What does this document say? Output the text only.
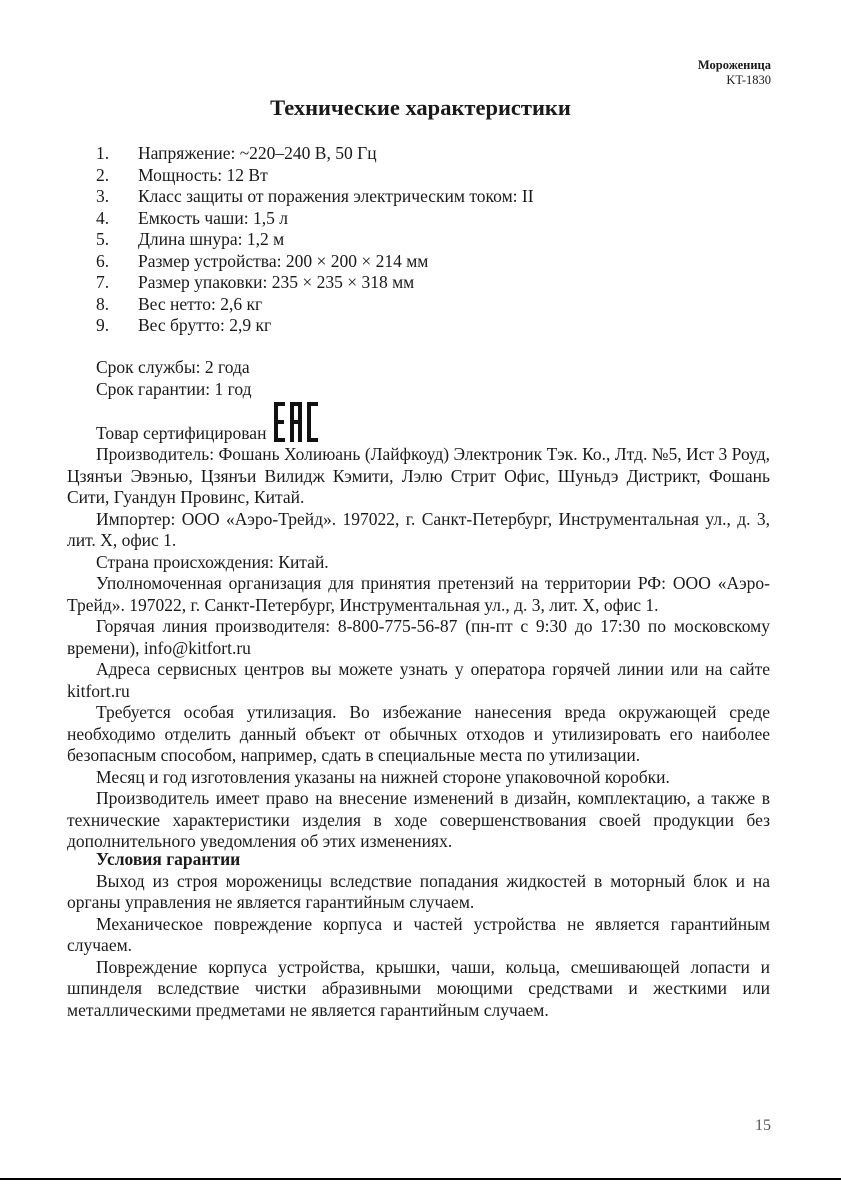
Мороженица
KT-1830
Технические характеристики
1.	Напряжение: ~220–240 В, 50 Гц
2.	Мощность: 12 Вт
3.	Класс защиты от поражения электрическим током: II
4.	Емкость чаши: 1,5 л
5.	Длина шнура: 1,2 м
6.	Размер устройства: 200 × 200 × 214 мм
7.	Размер упаковки: 235 × 235 × 318 мм
8.	Вес нетто: 2,6 кг
9.	Вес брутто: 2,9 кг
Срок службы: 2 года
Срок гарантии: 1 год
Товар сертифицирован

Производитель: Фошань Холиюань (Лайфкоуд) Электроник Тэк. Ко., Лтд. №5, Ист 3 Роуд, Цзянъи Эвэнью, Цзянъи Вилидж Кэмити, Лэлю Стрит Офис, Шуньдэ Дистрикт, Фошань Сити, Гуандун Провинс, Китай.

Импортер: ООО «Аэро-Трейд». 197022, г. Санкт-Петербург, Инструментальная ул., д. 3, лит. Х, офис 1.

Страна происхождения: Китай.

Уполномоченная организация для принятия претензий на территории РФ: ООО «Аэро-Трейд». 197022, г. Санкт-Петербург, Инструментальная ул., д. 3, лит. Х, офис 1.

Горячая линия производителя: 8-800-775-56-87 (пн-пт с 9:30 до 17:30 по московскому времени), info@kitfort.ru

Адреса сервисных центров вы можете узнать у оператора горячей линии или на сайте kitfort.ru

Требуется особая утилизация. Во избежание нанесения вреда окружающей среде необходимо отделить данный объект от обычных отходов и утилизировать его наиболее безопасным способом, например, сдать в специальные места по утилизации.

Месяц и год изготовления указаны на нижней стороне упаковочной коробки.

Производитель имеет право на внесение изменений в дизайн, комплектацию, а также в технические характеристики изделия в ходе совершенствования своей продукции без дополнительного уведомления об этих изменениях.

Условия гарантии

Выход из строя мороженицы вследствие попадания жидкостей в моторный блок и на органы управления не является гарантийным случаем.

Механическое повреждение корпуса и частей устройства не является гарантийным случаем.

Повреждение корпуса устройства, крышки, чаши, кольца, смешивающей лопасти и шпинделя вследствие чистки абразивными моющими средствами и жесткими или металлическими предметами не является гарантийным случаем.

15
